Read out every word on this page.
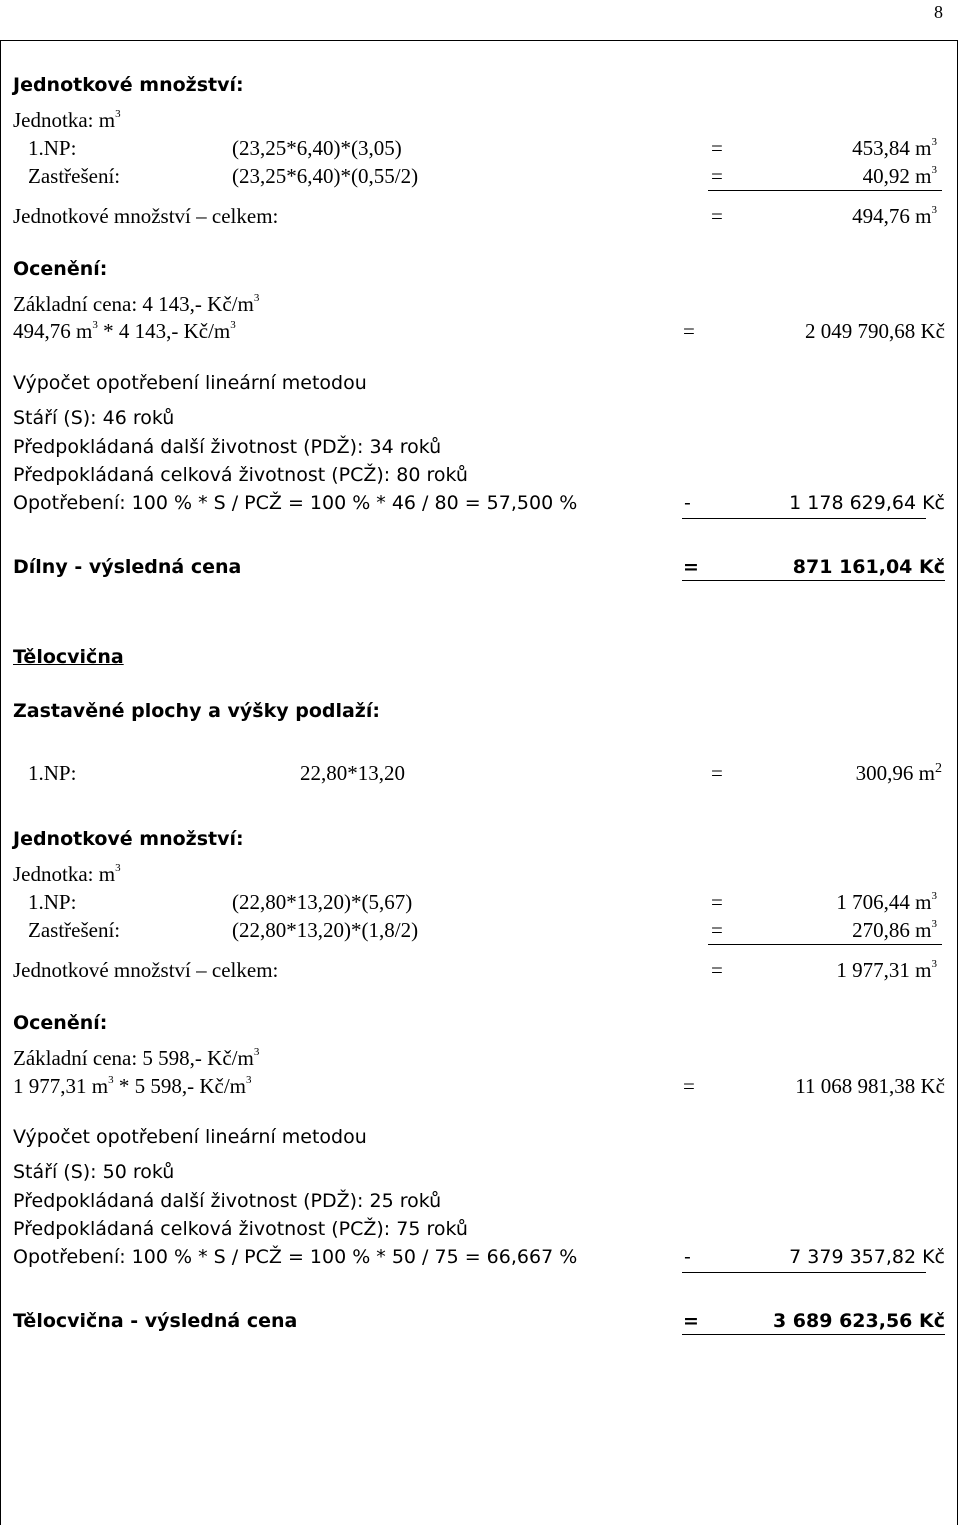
8
Jednotkové množství:
Jednotka: $m^3$
1.NP:	(23,25*6,40)*(3,05)	=	453,84 $m^3$
Zastřešení:	(23,25*6,40)*(0,55/2)	=	40,92 $m^3$
Jednotkové množství – celkem:	=	494,76 $m^3$
Ocenění:
Základní cena: 4 143,- $Kč/m^3$
494,76 $m^3 * 4$ 143,- $Kč/m^3$	=	2 049 790,68 Kč
Výpočet opotřebení lineární metodou
Stáří (S): 46 roků
Předpokládaná další životnost (PDŽ): 34 roků
Předpokládaná celková životnost (PCŽ): 80 roků
Opotřebení: 100 % * S / PCŽ = 100 % * 46 / 80 = 57,500 %	-	1 178 629,64 Kč
Dílny - výsledná cena	=	871 161,04 Kč
Tělocvična
Zastavěné plochy a výšky podlaží:
1.NP:	22,80*13,20	=	300,96 $m^2$
Jednotkové množství:
Jednotka: $m^3$
1.NP:	(22,80*13,20)*(5,67)	=	1 706,44 $m^3$
Zastřešení:	(22,80*13,20)*(1,8/2)	=	270,86 $m^3$
Jednotkové množství – celkem:	=	1 977,31 $m^3$
Ocenění:
Základní cena: 5 598,- $Kč/m^3$
1 977,31 $m^3 * 5$ 598,- $Kč/m^3$	=	11 068 981,38 Kč
Výpočet opotřebení lineární metodou
Stáří (S): 50 roků
Předpokládaná další životnost (PDŽ): 25 roků
Předpokládaná celková životnost (PCŽ): 75 roků
Opotřebení: 100 % * S / PCŽ = 100 % * 50 / 75 = 66,667 %	-	7 379 357,82 Kč
Tělocvična - výsledná cena	=	3 689 623,56 Kč
